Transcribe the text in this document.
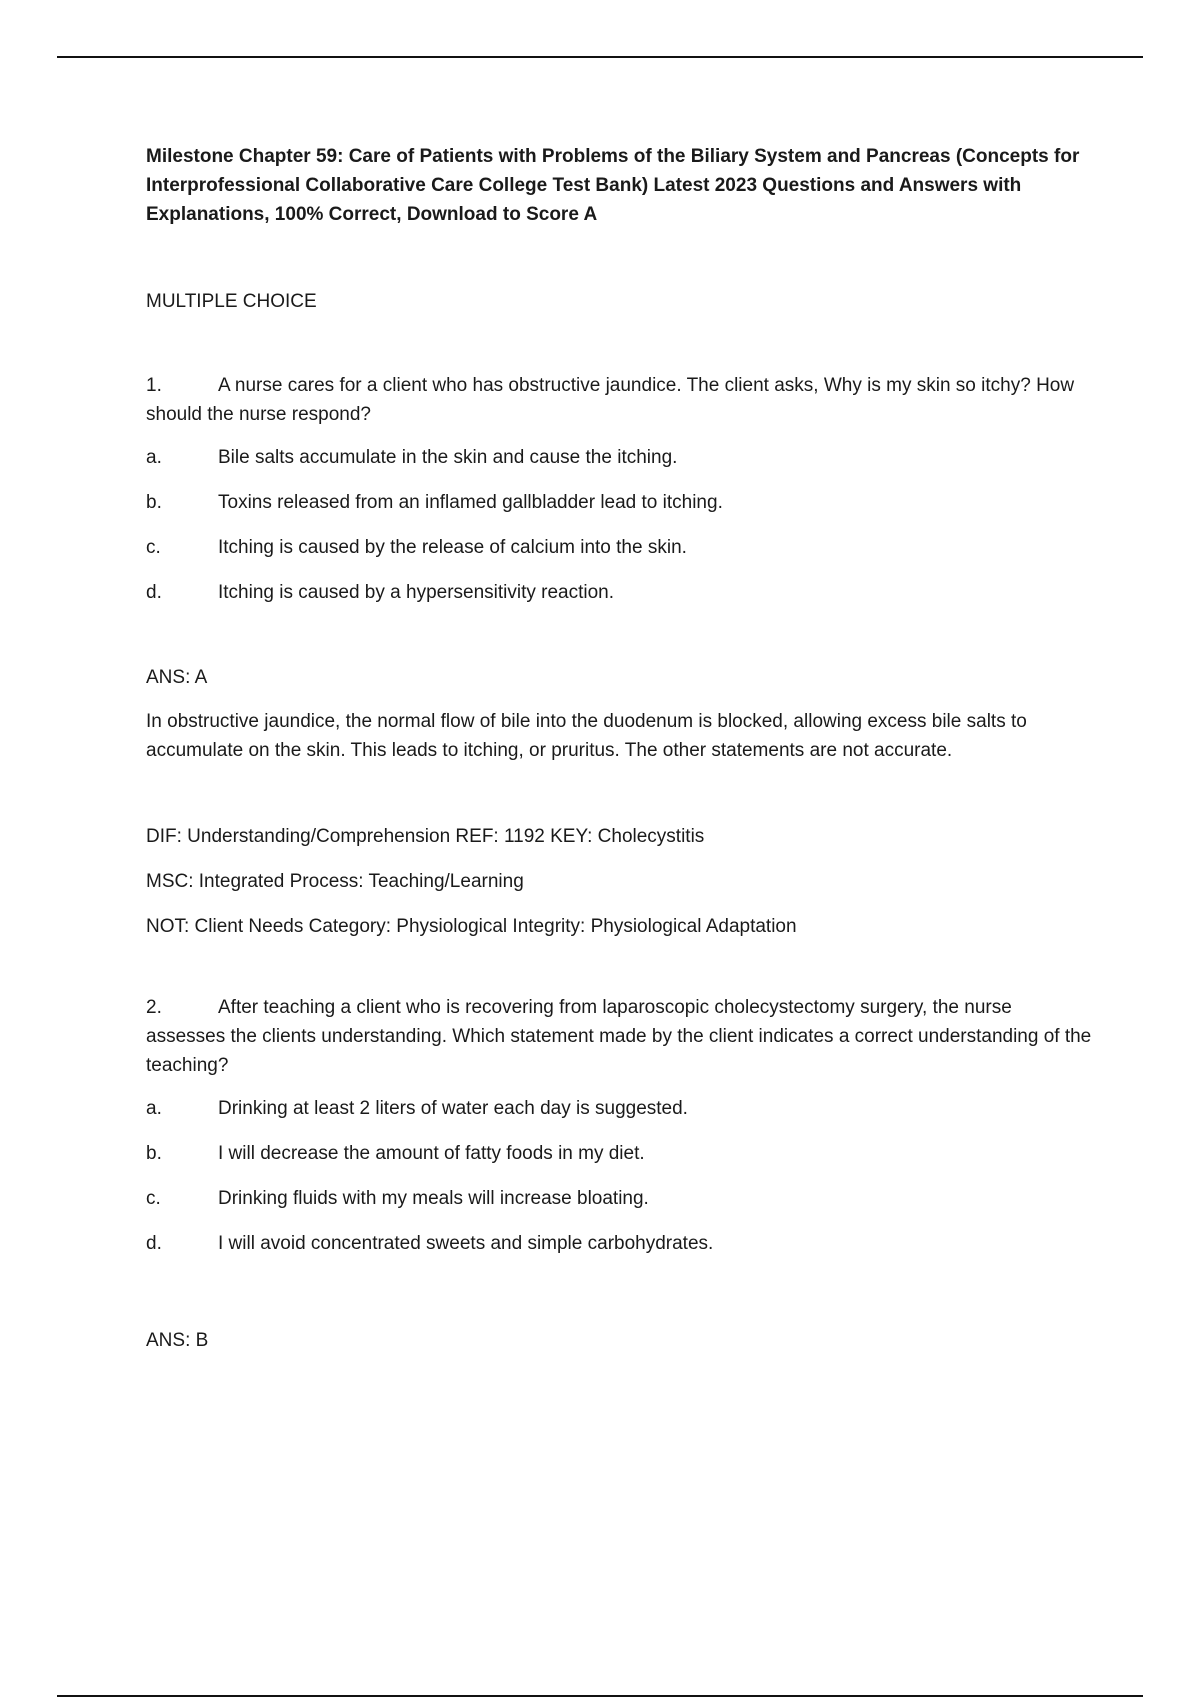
Milestone Chapter 59: Care of Patients with Problems of the Biliary System and Pancreas (Concepts for Interprofessional Collaborative Care College Test Bank) Latest 2023 Questions and Answers with Explanations, 100% Correct, Download to Score A

MULTIPLE CHOICE
1.	A nurse cares for a client who has obstructive jaundice. The client asks, Why is my skin so itchy? How should the nurse respond?
a.	Bile salts accumulate in the skin and cause the itching.
b.	Toxins released from an inflamed gallbladder lead to itching.
c.	Itching is caused by the release of calcium into the skin.
d.	Itching is caused by a hypersensitivity reaction.
ANS: A
In obstructive jaundice, the normal flow of bile into the duodenum is blocked, allowing excess bile salts to accumulate on the skin. This leads to itching, or pruritus. The other statements are not accurate.
DIF: Understanding/Comprehension REF: 1192 KEY: Cholecystitis
MSC: Integrated Process: Teaching/Learning
NOT: Client Needs Category: Physiological Integrity: Physiological Adaptation
2.	After teaching a client who is recovering from laparoscopic cholecystectomy surgery, the nurse assesses the clients understanding. Which statement made by the client indicates a correct understanding of the teaching?
a.	Drinking at least 2 liters of water each day is suggested.
b.	I will decrease the amount of fatty foods in my diet.
c.	Drinking fluids with my meals will increase bloating.
d.	I will avoid concentrated sweets and simple carbohydrates.
ANS: B
